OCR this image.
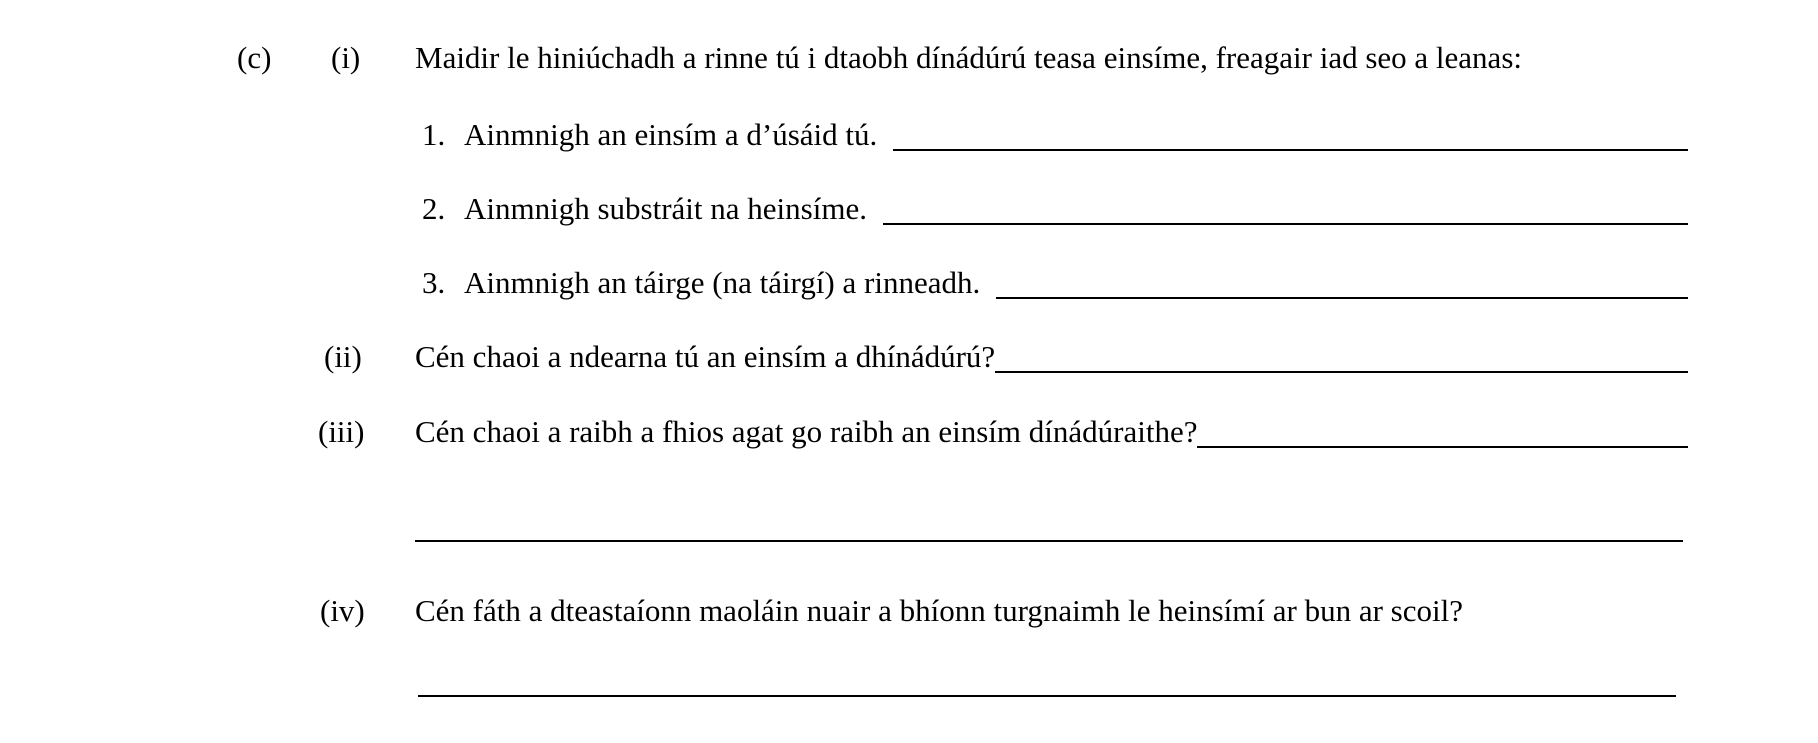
(c) (i) Maidir le hiniúchadh a rinne tú i dtaobh dínádúrú teasa einsíme, freagair iad seo a leanas:
1. Ainmnigh an einsím a d’úsáid tú.
2. Ainmnigh substráit na heinsíme.
3. Ainmnigh an táirge (na táirgí) a rinneadh.
(ii) Cén chaoi a ndearna tú an einsím a dhínádúrú?
(iii) Cén chaoi a raibh a fhios agat go raibh an einsím dínádúraithe?
(iv) Cén fáth a dteastaíonn maoláin nuair a bhíonn turgnaimh le heinsímí ar bun ar scoil?
